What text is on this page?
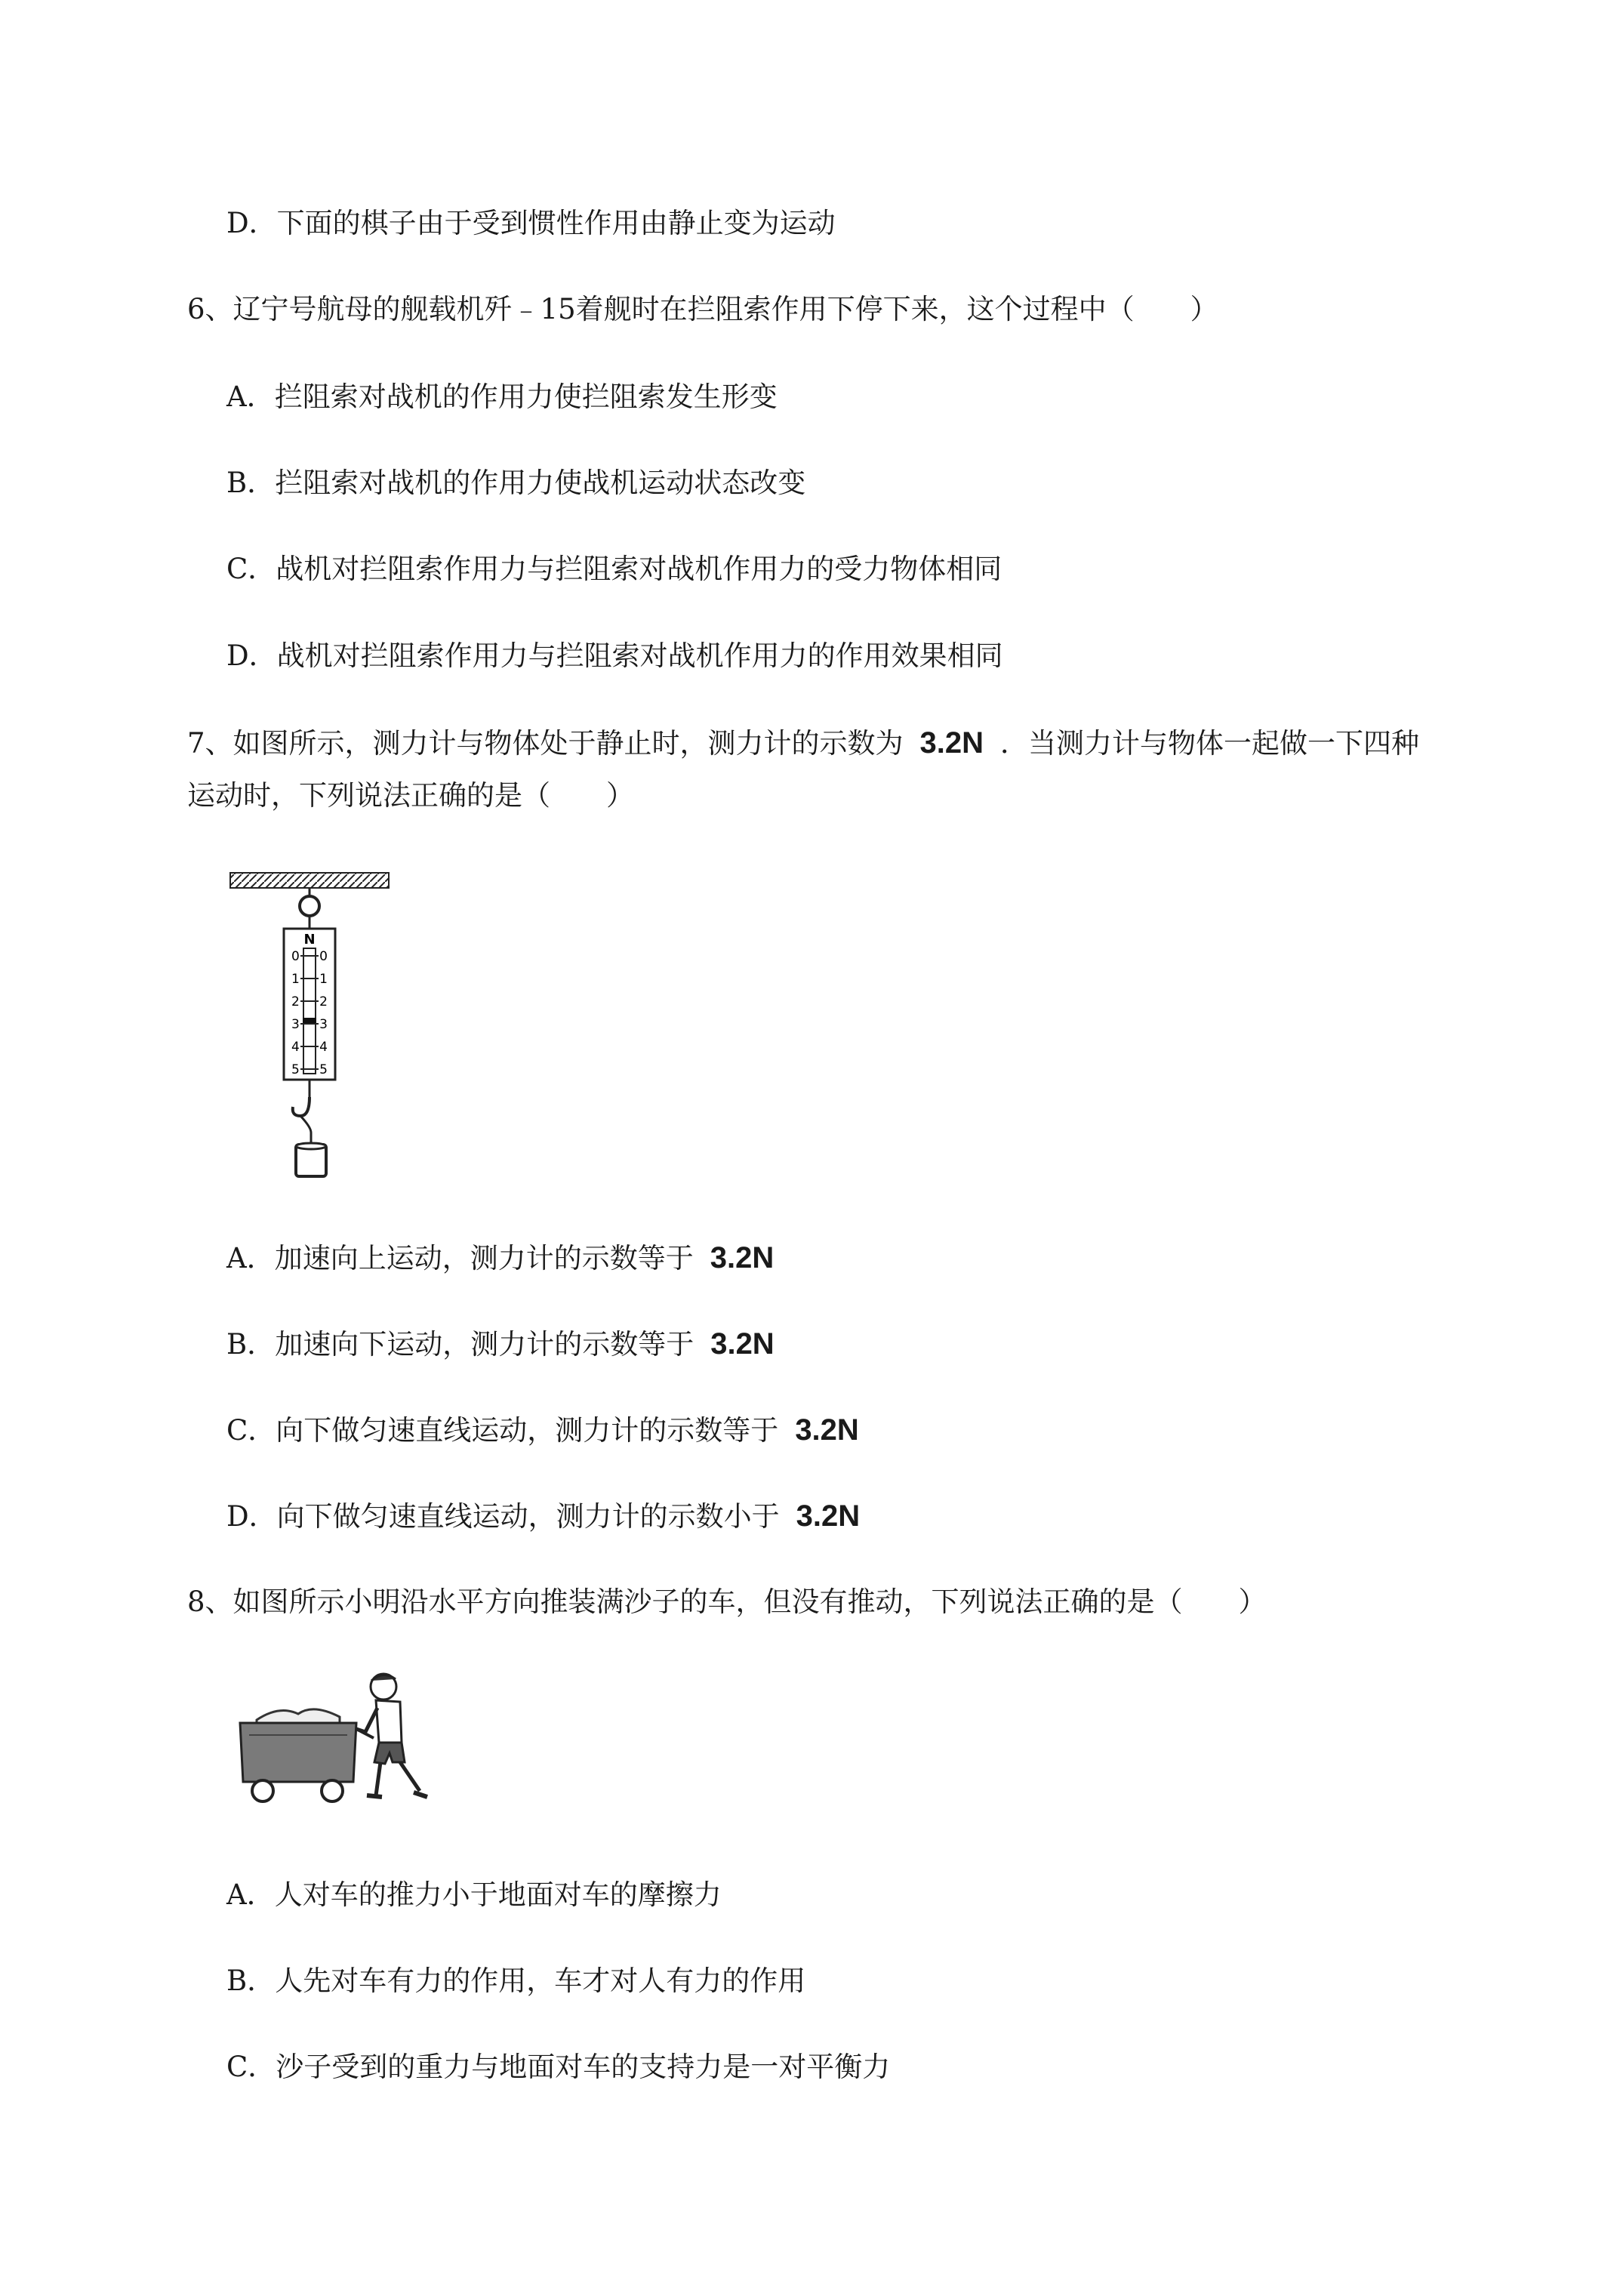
D．下面的棋子由于受到惯性作用由静止变为运动
6、辽宁号航母的舰载机歼﹣15着舰时在拦阻索作用下停下来，这个过程中（　　）
A．拦阻索对战机的作用力使拦阻索发生形变
B．拦阻索对战机的作用力使战机运动状态改变
C．战机对拦阻索作用力与拦阻索对战机作用力的受力物体相同
D．战机对拦阻索作用力与拦阻索对战机作用力的作用效果相同
7、如图所示，测力计与物体处于静止时，测力计的示数为 3.2N ．当测力计与物体一起做一下四种
运动时，下列说法正确的是（　　）
N
0 0
1 1
2 2
3 3
4 4
5 5
A．加速向上运动，测力计的示数等于 3.2N
B．加速向下运动，测力计的示数等于 3.2N
C．向下做匀速直线运动，测力计的示数等于 3.2N
D．向下做匀速直线运动，测力计的示数小于 3.2N
8、如图所示小明沿水平方向推装满沙子的车，但没有推动，下列说法正确的是（　　）
A．人对车的推力小于地面对车的摩擦力
B．人先对车有力的作用，车才对人有力的作用
C．沙子受到的重力与地面对车的支持力是一对平衡力
